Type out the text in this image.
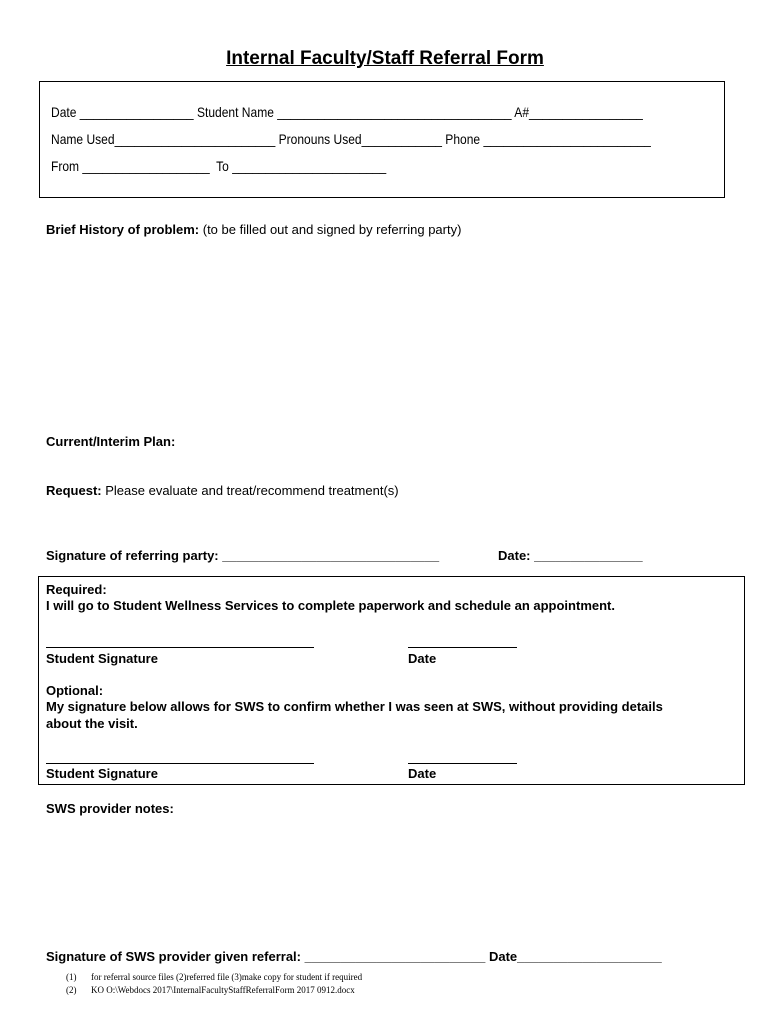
Internal Faculty/Staff Referral Form
Date _________________ Student Name ___________________________________ A#_________________
Name Used________________________ Pronouns Used____________ Phone _________________________
From ___________________  To _______________________
Brief History of problem: (to be filled out and signed by referring party)
Current/Interim Plan:
Request: Please evaluate and treat/recommend treatment(s)
Signature of referring party: ______________________________	Date: _______________
Required:
I will go to Student Wellness Services to complete paperwork and schedule an appointment.
Student Signature	Date
Optional:
My signature below allows for SWS to confirm whether I was seen at SWS, without providing details
about the visit.
Student Signature	Date
SWS provider notes:
Signature of SWS provider given referral: _________________________ Date____________________
(1) for referral source files (2)referred file (3)make copy for student if required
(2) KO O:\Webdocs 2017\InternalFacultyStaffReferralForm 2017 0912.docx
